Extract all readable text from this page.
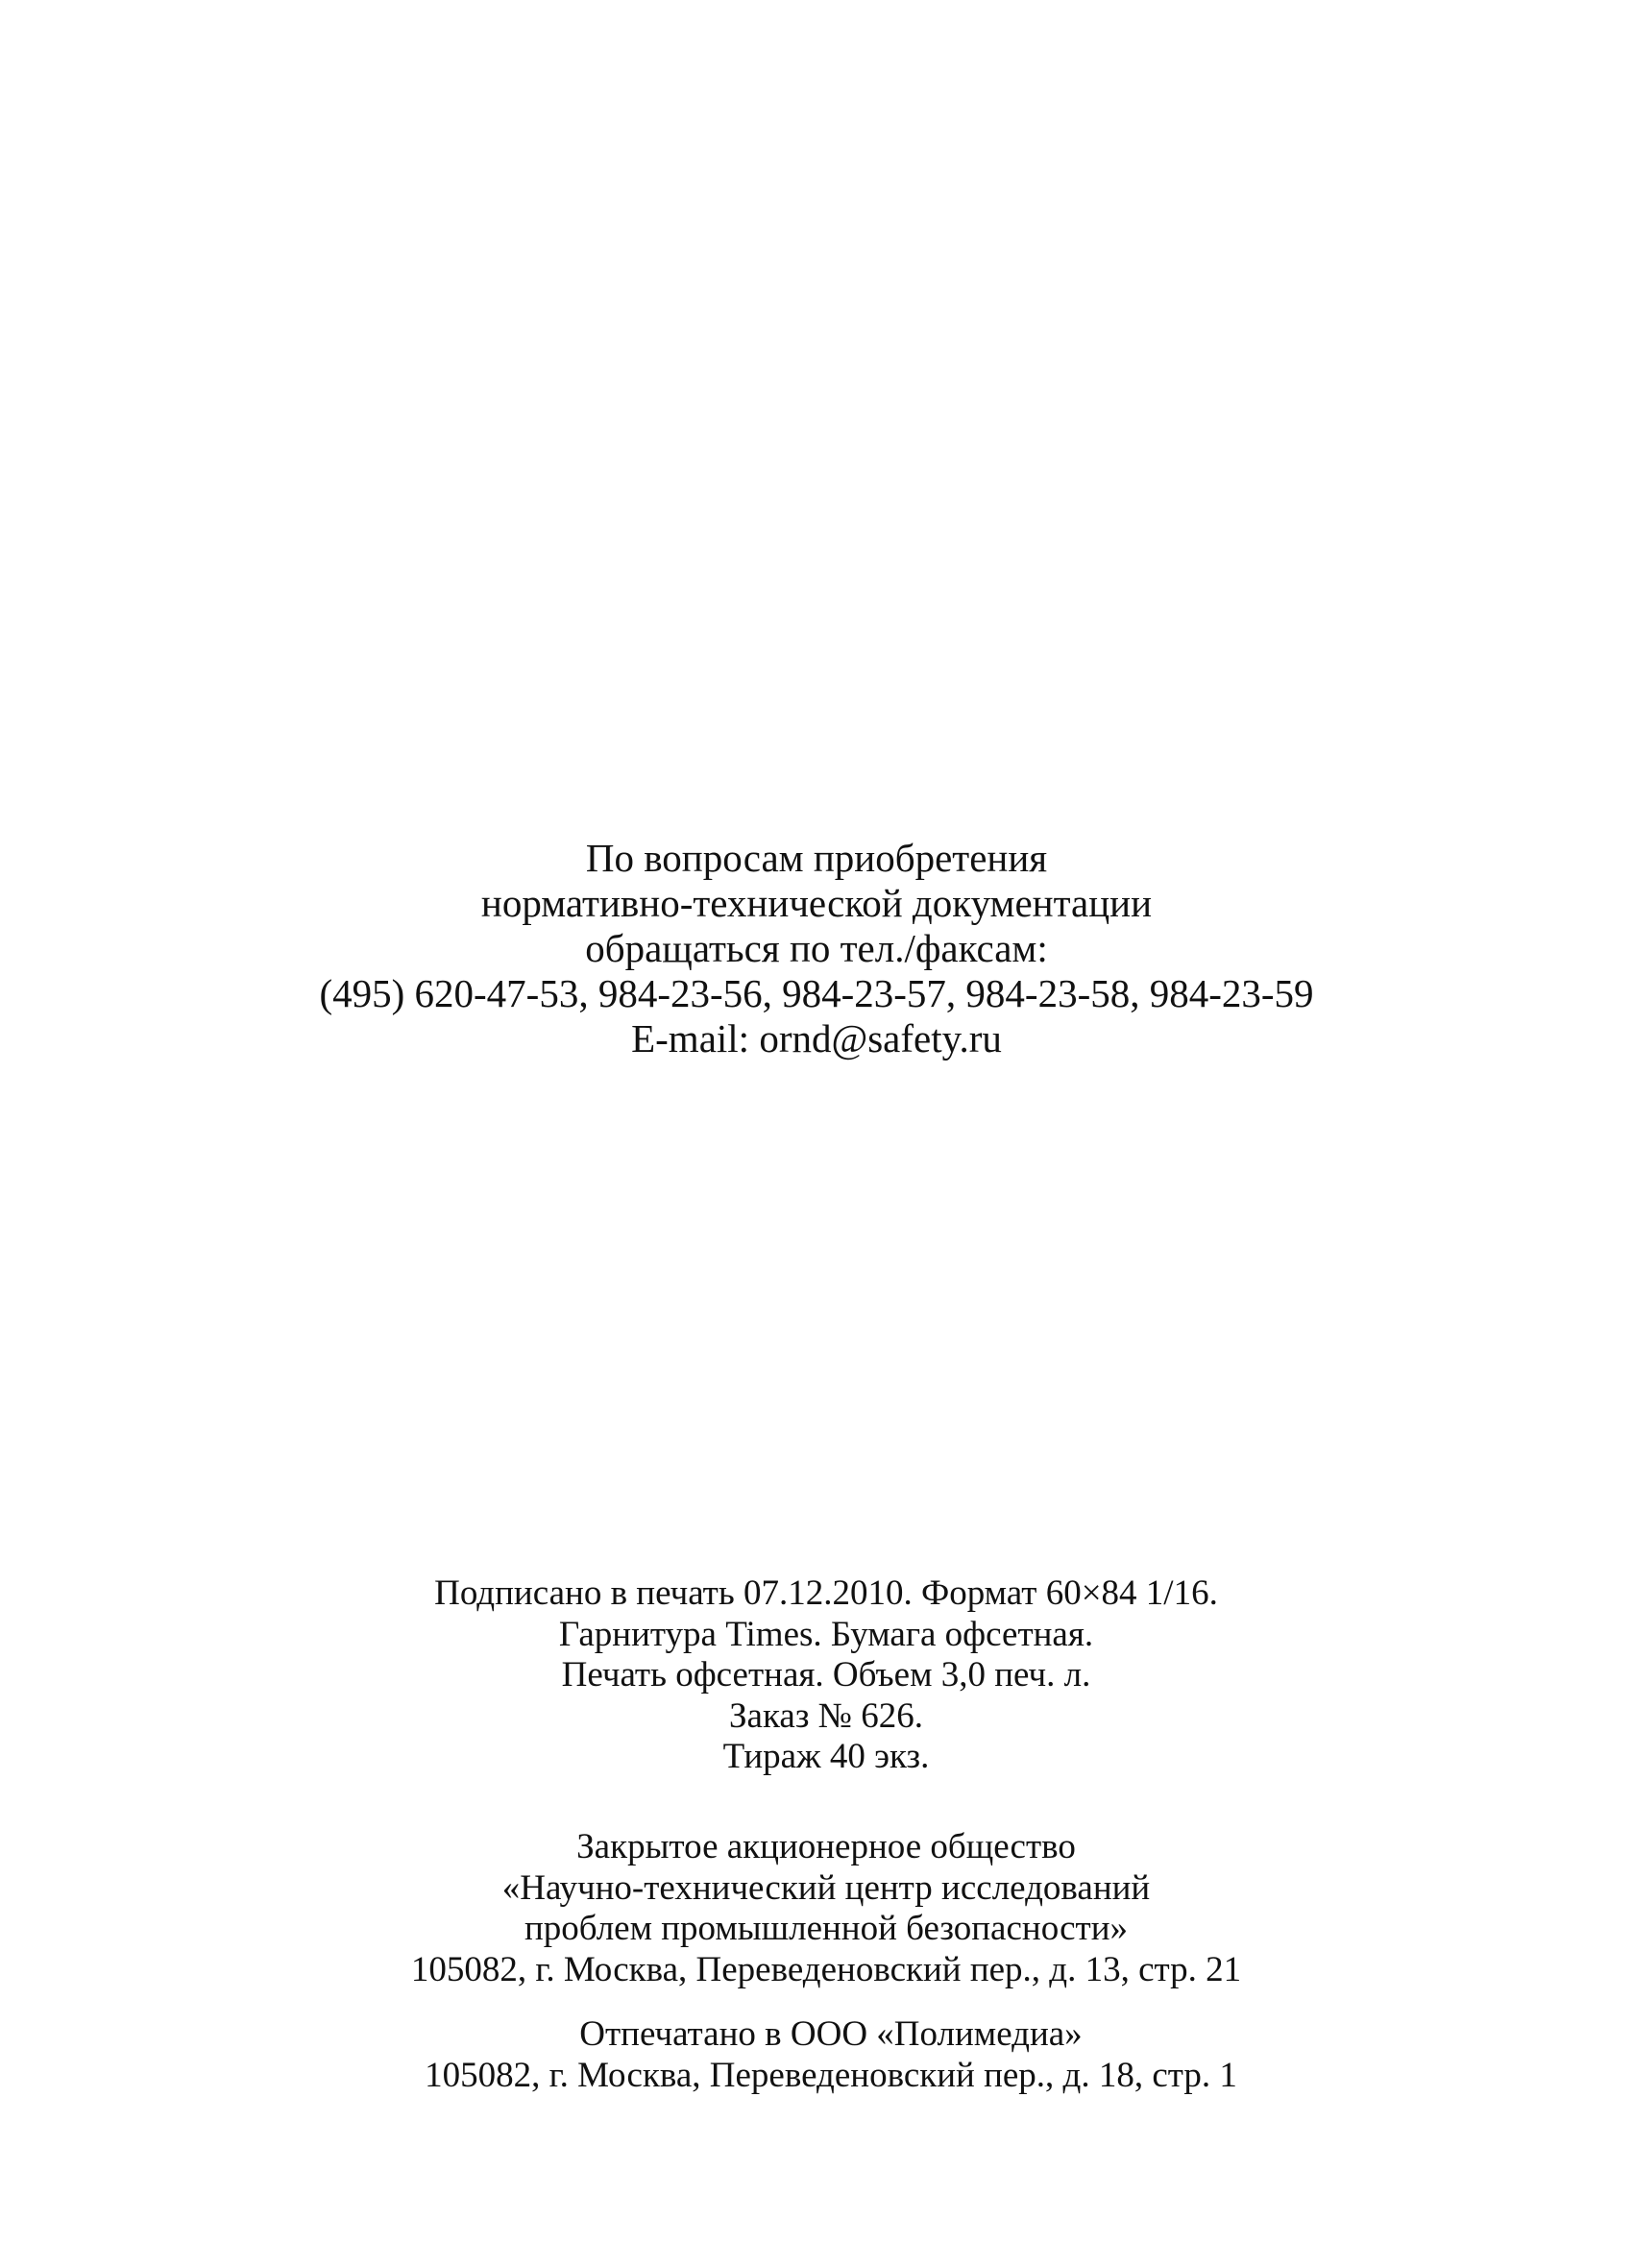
По вопросам приобретения
нормативно-технической документации
обращаться по тел./факсам:
(495) 620-47-53, 984-23-56, 984-23-57, 984-23-58, 984-23-59
E-mail: ornd@safety.ru
Подписано в печать 07.12.2010. Формат 60×84 1/16.
Гарнитура Times. Бумага офсетная.
Печать офсетная. Объем 3,0 печ. л.
Заказ № 626.
Тираж 40 экз.
Закрытое акционерное общество
«Научно-технический центр исследований
проблем промышленной безопасности»
105082, г. Москва, Переведеновский пер., д. 13, стр. 21
Отпечатано в ООО «Полимедиа»
105082, г. Москва, Переведеновский пер., д. 18, стр. 1
